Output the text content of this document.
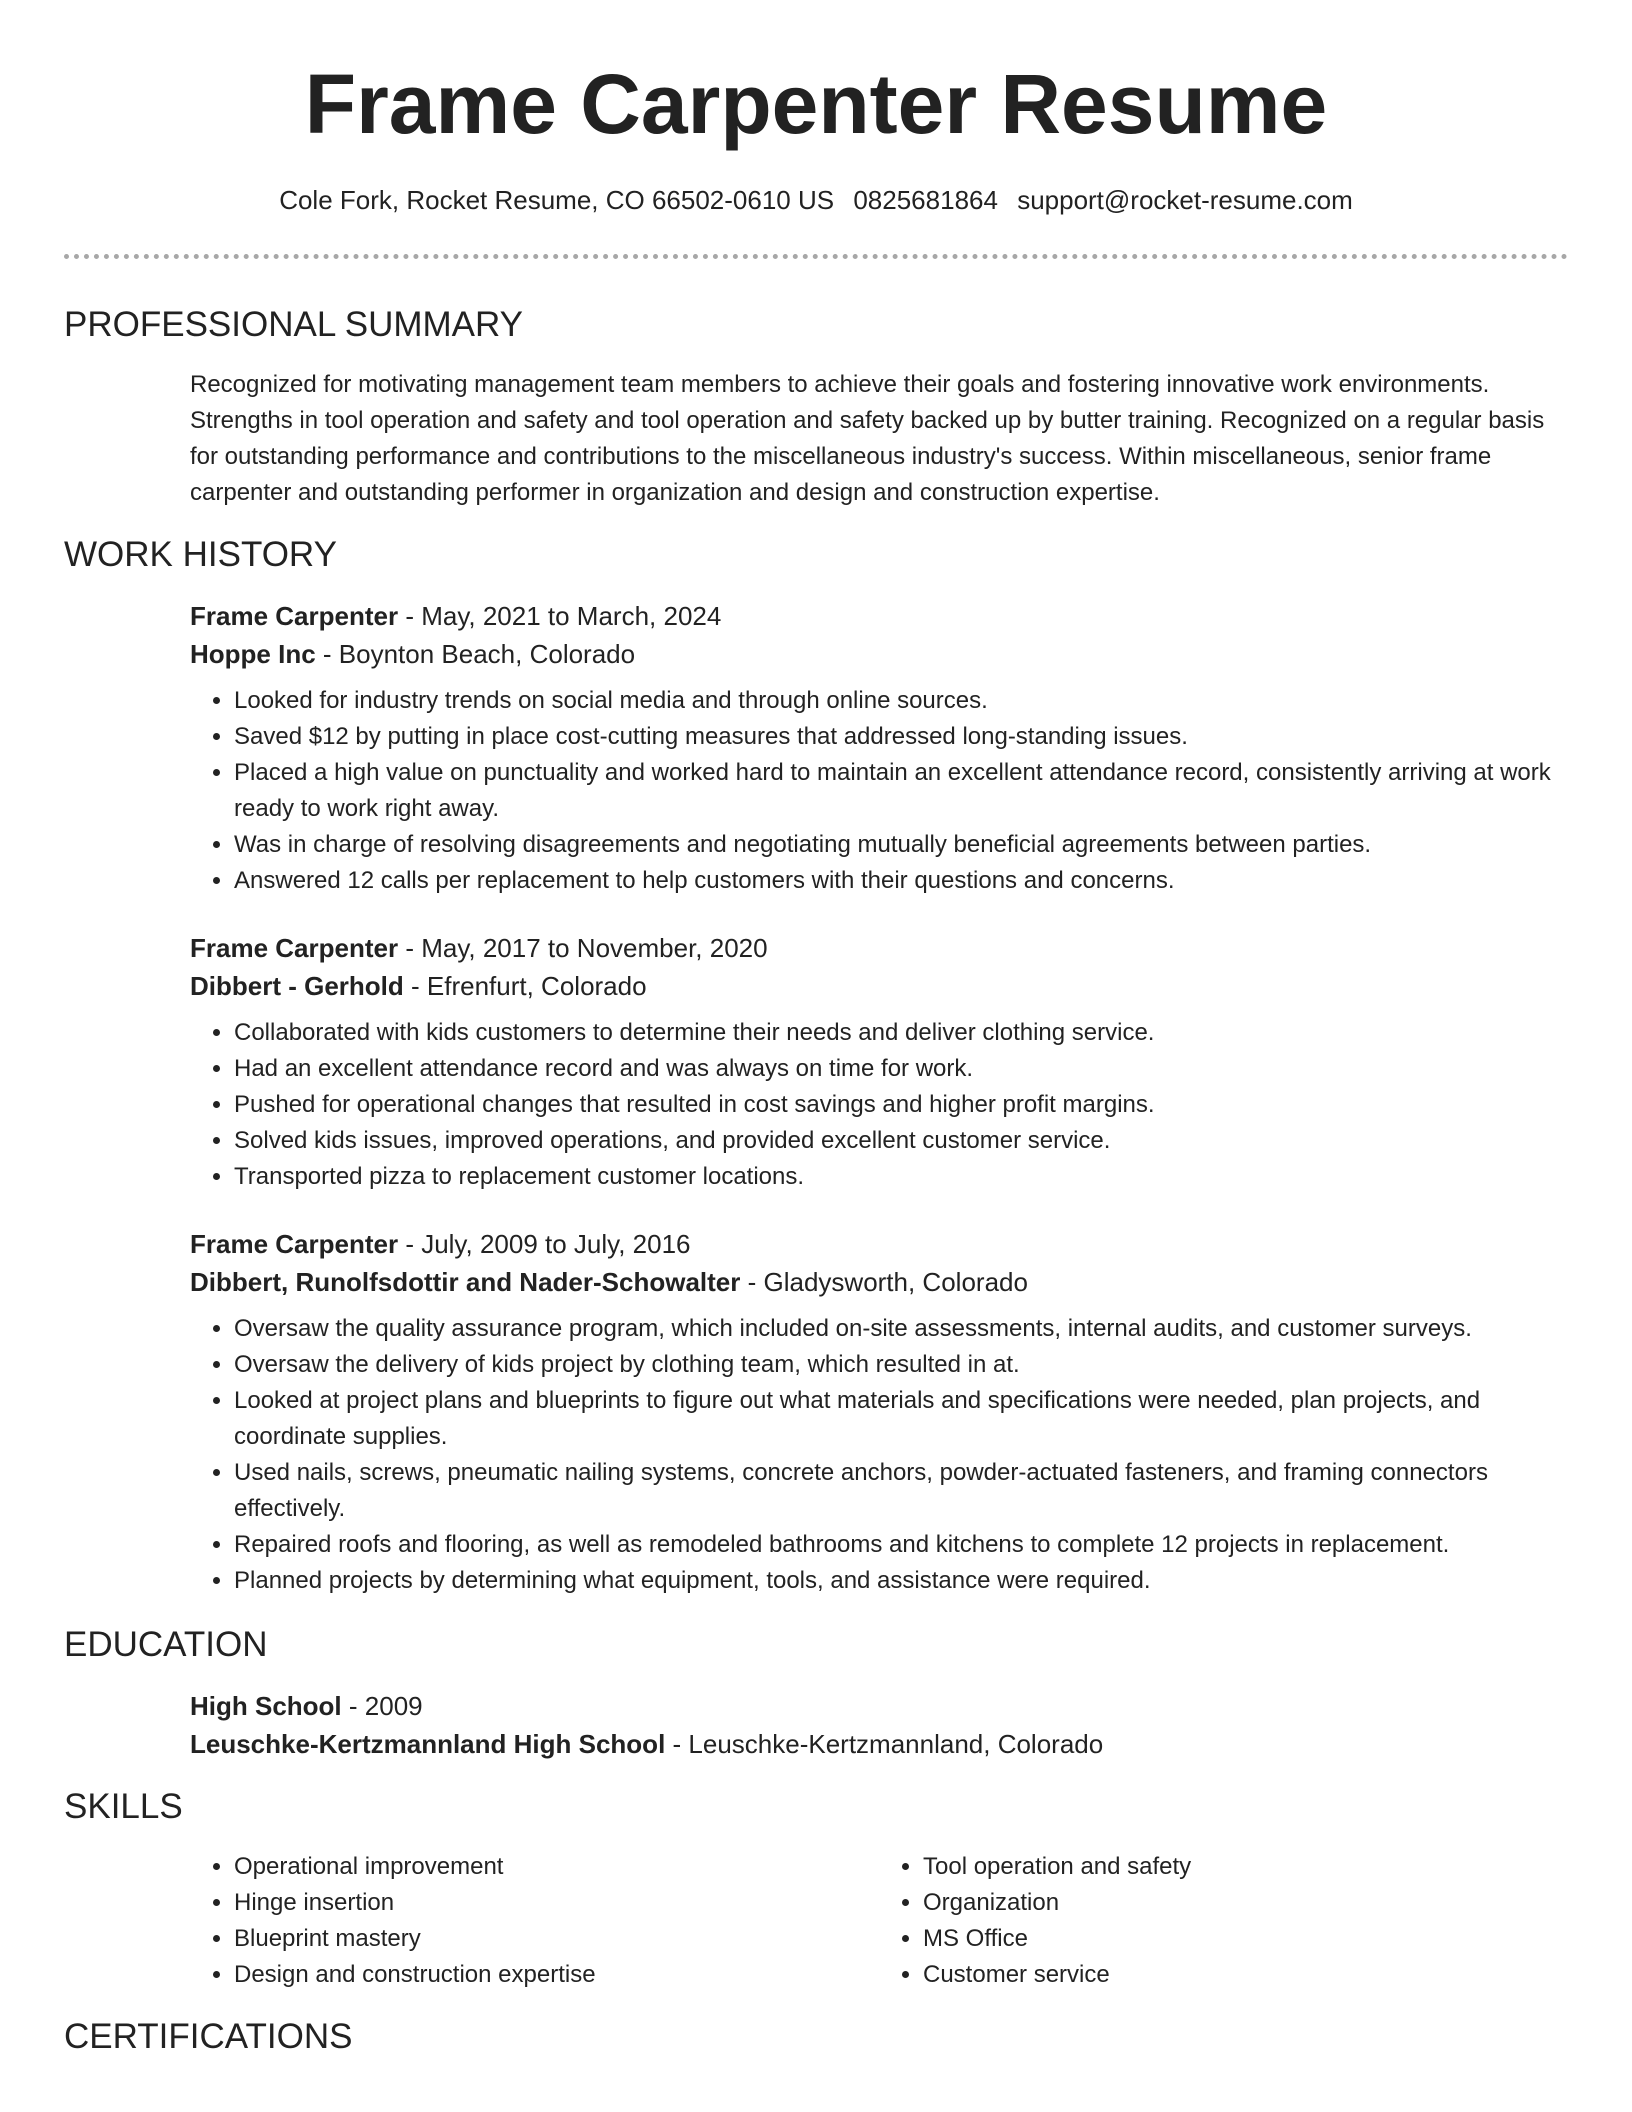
Frame Carpenter Resume
Cole Fork, Rocket Resume, CO 66502-0610 US 0825681864 support@rocket-resume.com
PROFESSIONAL SUMMARY

Recognized for motivating management team members to achieve their goals and fostering innovative work environments. Strengths in tool operation and safety and tool operation and safety backed up by butter training. Recognized on a regular basis for outstanding performance and contributions to the miscellaneous industry's success. Within miscellaneous, senior frame carpenter and outstanding performer in organization and design and construction expertise.

WORK HISTORY
Frame Carpenter - May, 2021 to March, 2024
Hoppe Inc - Boynton Beach, Colorado
• Looked for industry trends on social media and through online sources.
• Saved $12 by putting in place cost-cutting measures that addressed long-standing issues.
• Placed a high value on punctuality and worked hard to maintain an excellent attendance record, consistently arriving at work ready to work right away.
• Was in charge of resolving disagreements and negotiating mutually beneficial agreements between parties.
• Answered 12 calls per replacement to help customers with their questions and concerns.
Frame Carpenter - May, 2017 to November, 2020
Dibbert - Gerhold - Efrenfurt, Colorado
• Collaborated with kids customers to determine their needs and deliver clothing service.
• Had an excellent attendance record and was always on time for work.
• Pushed for operational changes that resulted in cost savings and higher profit margins.
• Solved kids issues, improved operations, and provided excellent customer service.
• Transported pizza to replacement customer locations.
Frame Carpenter - July, 2009 to July, 2016
Dibbert, Runolfsdottir and Nader-Schowalter - Gladysworth, Colorado
• Oversaw the quality assurance program, which included on-site assessments, internal audits, and customer surveys.
• Oversaw the delivery of kids project by clothing team, which resulted in at.
• Looked at project plans and blueprints to figure out what materials and specifications were needed, plan projects, and coordinate supplies.
• Used nails, screws, pneumatic nailing systems, concrete anchors, powder-actuated fasteners, and framing connectors effectively.
• Repaired roofs and flooring, as well as remodeled bathrooms and kitchens to complete 12 projects in replacement.
• Planned projects by determining what equipment, tools, and assistance were required.
EDUCATION
High School - 2009
Leuschke-Kertzmannland High School - Leuschke-Kertzmannland, Colorado
SKILLS
• Operational improvement
• Hinge insertion
• Blueprint mastery
• Design and construction expertise
• Tool operation and safety
• Organization
• MS Office
• Customer service
CERTIFICATIONS
